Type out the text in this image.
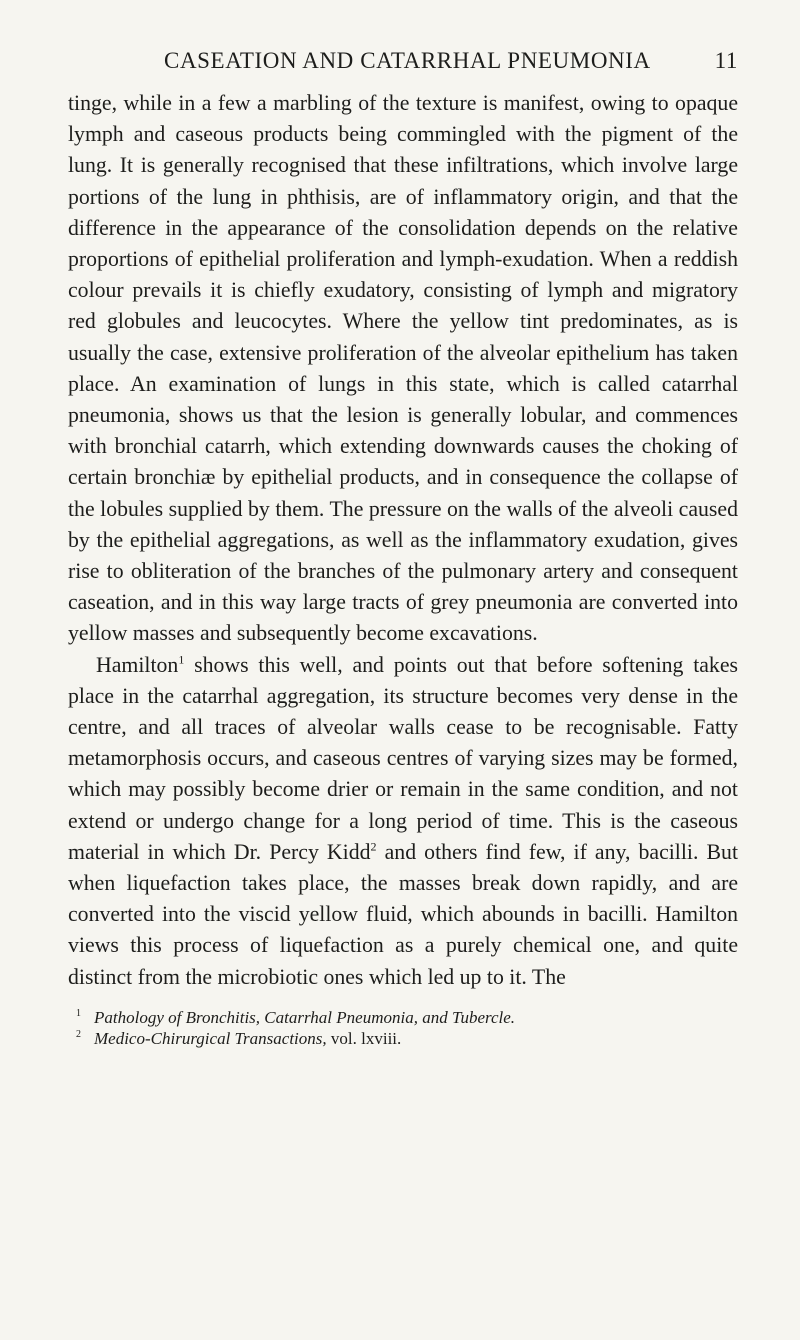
CASEATION AND CATARRHAL PNEUMONIA	11

tinge, while in a few a marbling of the texture is manifest, owing to opaque lymph and caseous products being commingled with the pigment of the lung. It is generally recognised that these infiltrations, which involve large portions of the lung in phthisis, are of inflammatory origin, and that the difference in the appearance of the consolidation depends on the relative proportions of epithelial proliferation and lymph-exudation. When a reddish colour prevails it is chiefly exudatory, consisting of lymph and migratory red globules and leucocytes. Where the yellow tint predominates, as is usually the case, extensive proliferation of the alveolar epithelium has taken place. An examination of lungs in this state, which is called catarrhal pneumonia, shows us that the lesion is generally lobular, and commences with bronchial catarrh, which extending downwards causes the choking of certain bronchiæ by epithelial products, and in consequence the collapse of the lobules supplied by them. The pressure on the walls of the alveoli caused by the epithelial aggregations, as well as the inflammatory exudation, gives rise to obliteration of the branches of the pulmonary artery and consequent caseation, and in this way large tracts of grey pneumonia are converted into yellow masses and subsequently become excavations.

Hamilton$^1$ shows this well, and points out that before softening takes place in the catarrhal aggregation, its structure becomes very dense in the centre, and all traces of alveolar walls cease to be recognisable. Fatty metamorphosis occurs, and caseous centres of varying sizes may be formed, which may possibly become drier or remain in the same condition, and not extend or undergo change for a long period of time. This is the caseous material in which Dr. Percy Kidd$^2$ and others find few, if any, bacilli. But when liquefaction takes place, the masses break down rapidly, and are converted into the viscid yellow fluid, which abounds in bacilli. Hamilton views this process of liquefaction as a purely chemical one, and quite distinct from the microbiotic ones which led up to it. The

1 Pathology of Bronchitis, Catarrhal Pneumonia, and Tubercle.

2 Medico-Chirurgical Transactions, vol. lxviii.
